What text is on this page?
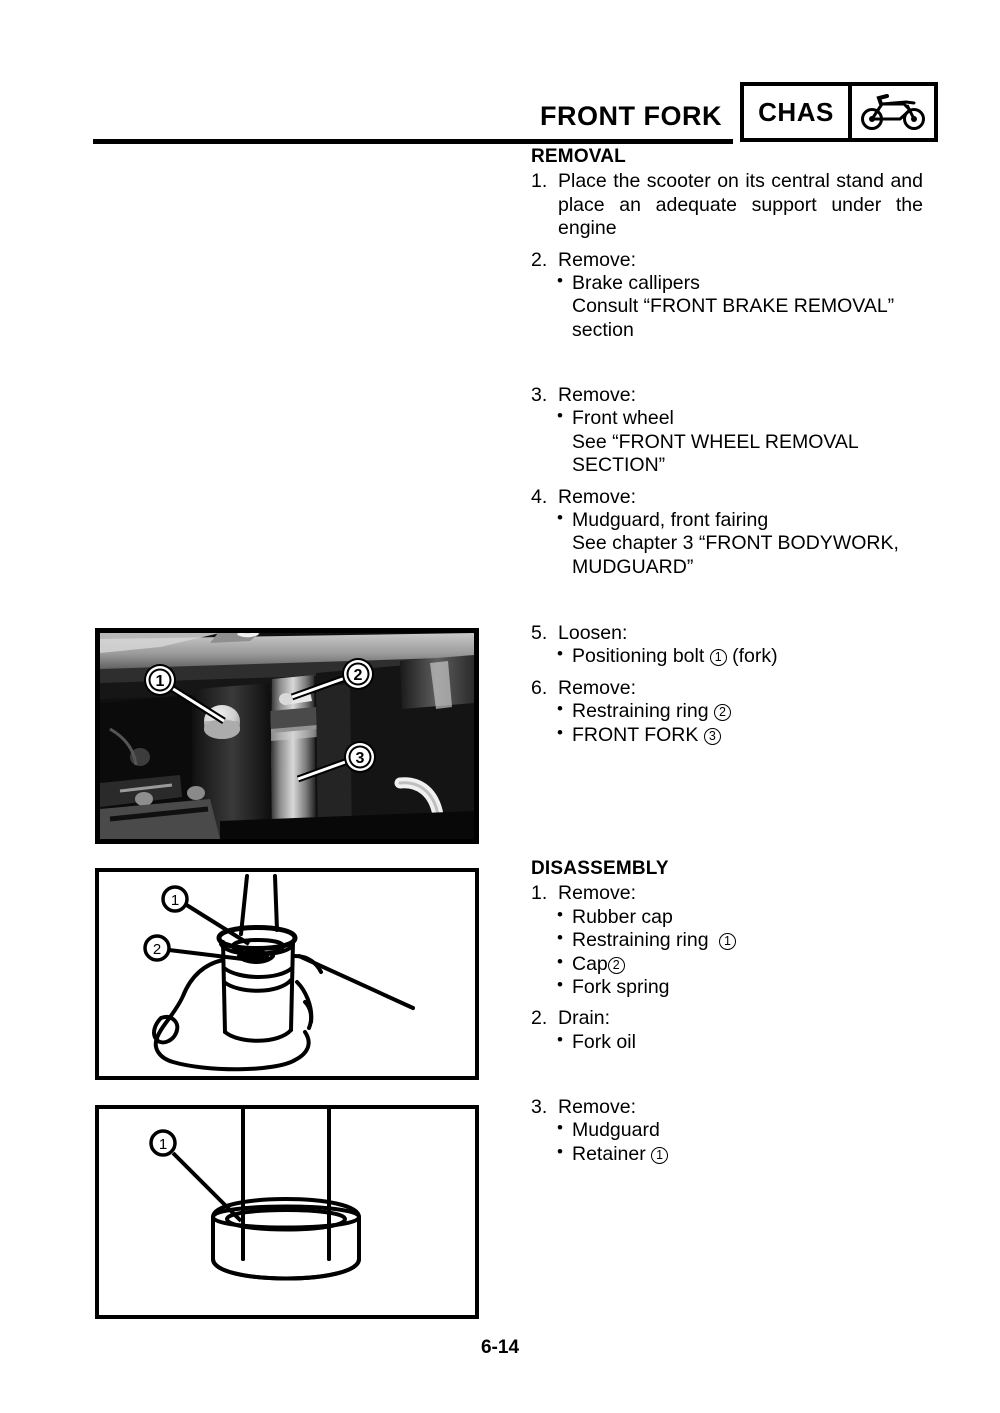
FRONT FORK CHAS
1	2
3
1
2
1
REMOVAL
1. Place the scooter on its central stand and place an adequate support under the engine
2. Remove:
• Brake callipers
Consult “FRONT BRAKE REMOVAL” section
3. Remove:
• Front wheel
See “FRONT WHEEL REMOVAL SECTION”
4. Remove:
• Mudguard, front fairing
See chapter 3 “FRONT BODYWORK, MUDGUARD”
5. Loosen:
• Positioning bolt 1 (fork)
6. Remove:
• Restraining ring 2
• FRONT FORK 3
DISASSEMBLY
1. Remove:
• Rubber cap
• Restraining ring 1
• Cap 2
• Fork spring
2. Drain:
• Fork oil
3. Remove:
• Mudguard
• Retainer 1
6-14
